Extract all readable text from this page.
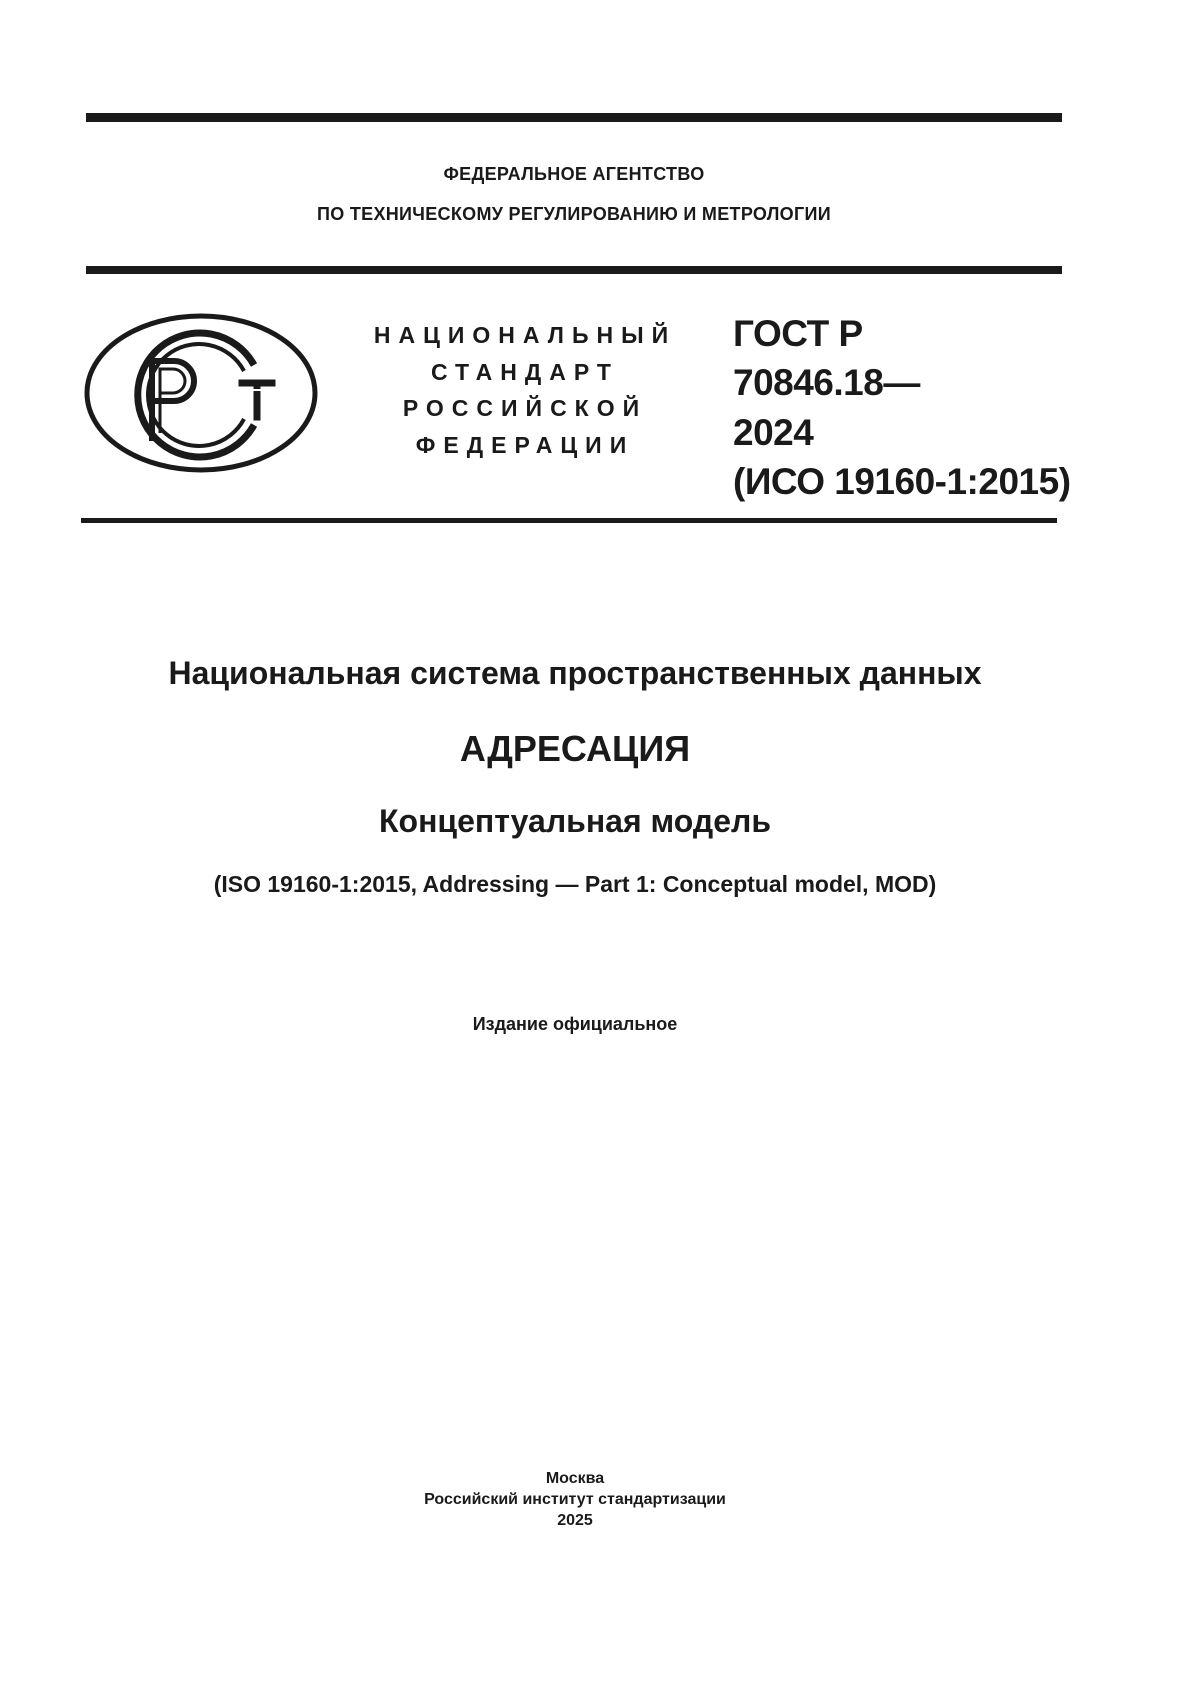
ФЕДЕРАЛЬНОЕ АГЕНТСТВО
ПО ТЕХНИЧЕСКОМУ РЕГУЛИРОВАНИЮ И МЕТРОЛОГИИ
НАЦИОНАЛЬНЫЙ
СТАНДАРТ
РОССИЙСКОЙ
ФЕДЕРАЦИИ
ГОСТ Р
70846.18—
2024
(ИСО 19160-1:2015)
Национальная система пространственных данных
АДРЕСАЦИЯ
Концептуальная модель
(ISO 19160-1:2015, Addressing — Part 1: Conceptual model, MOD)
Издание официальное
Москва
Российский институт стандартизации
2025
